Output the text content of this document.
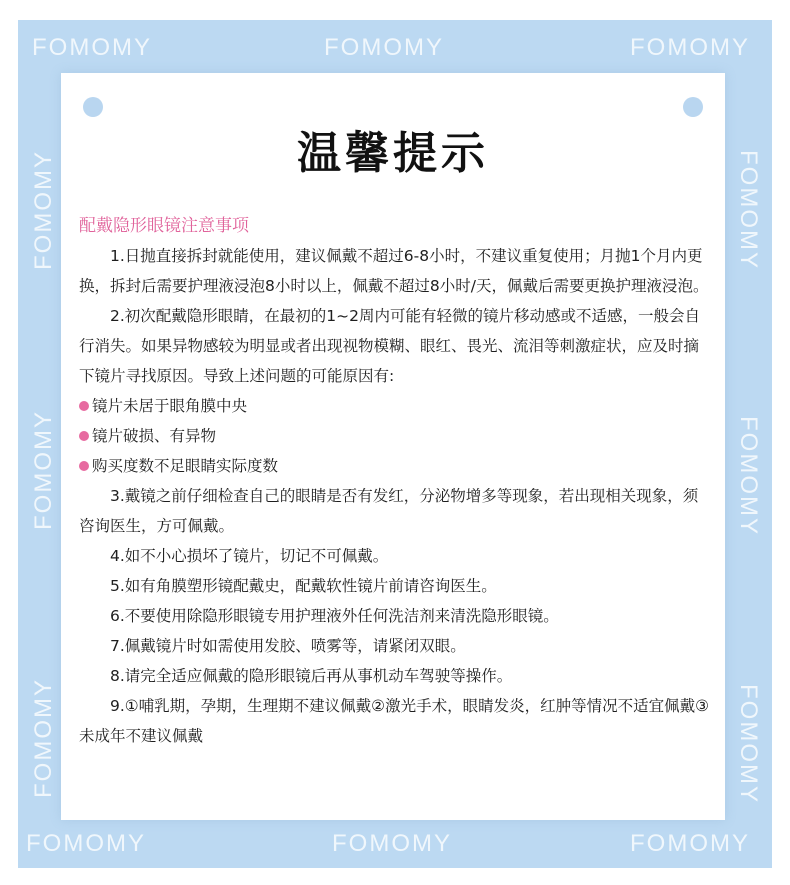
FOMOMY	FOMOMY	FOMOMY
FOMOMY	FOMOMY	FOMOMY
FOMOMY
FOMOMY
FOMOMY
FOMOMY
FOMOMY
FOMOMY
温馨提示
配戴隐形眼镜注意事项
1.日抛直接拆封就能使用，建议佩戴不超过6-8小时，不建议重复使用；月抛1个月内更换，拆封后需要护理液浸泡8小时以上，佩戴不超过8小时/天，佩戴后需要更换护理液浸泡。
2.初次配戴隐形眼睛，在最初的1~2周内可能有轻微的镜片移动感或不适感，一般会自行消失。如果异物感较为明显或者出现视物模糊、眼红、畏光、流泪等刺激症状，应及时摘下镜片寻找原因。导致上述问题的可能原因有:
镜片未居于眼角膜中央
镜片破损、有异物
购买度数不足眼睛实际度数
3.戴镜之前仔细检查自己的眼睛是否有发红，分泌物增多等现象，若出现相关现象，须咨询医生，方可佩戴。
4.如不小心损坏了镜片，切记不可佩戴。
5.如有角膜塑形镜配戴史，配戴软性镜片前请咨询医生。
6.不要使用除隐形眼镜专用护理液外任何洗洁剂来清洗隐形眼镜。
7.佩戴镜片时如需使用发胶、喷雾等，请紧闭双眼。
8.请完全适应佩戴的隐形眼镜后再从事机动车驾驶等操作。
9.①哺乳期，孕期，生理期不建议佩戴②激光手术，眼睛发炎，红肿等情况不适宜佩戴③未成年不建议佩戴
